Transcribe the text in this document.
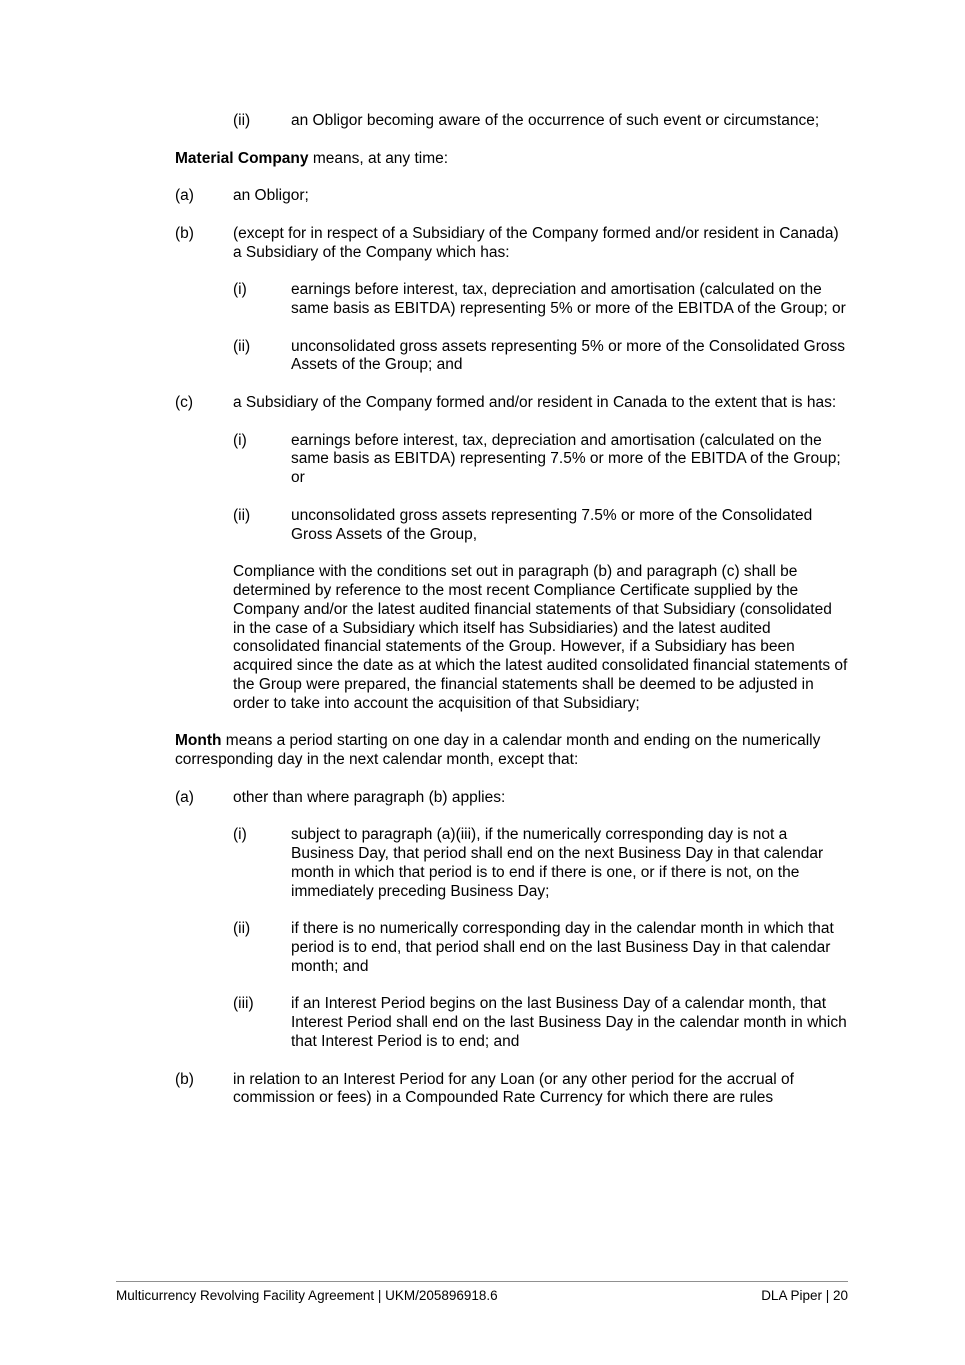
(ii)	an Obligor becoming aware of the occurrence of such event or circumstance;

Material Company means, at any time:

(a)	an Obligor;
(b)	(except for in respect of a Subsidiary of the Company formed and/or resident in Canada) a Subsidiary of the Company which has:
(i)	earnings before interest, tax, depreciation and amortisation (calculated on the same basis as EBITDA) representing 5% or more of the EBITDA of the Group; or
(ii)	unconsolidated gross assets representing 5% or more of the Consolidated Gross Assets of the Group; and
(c)	a Subsidiary of the Company formed and/or resident in Canada to the extent that is has:
(i)	earnings before interest, tax, depreciation and amortisation (calculated on the same basis as EBITDA) representing 7.5% or more of the EBITDA of the Group; or
(ii)	unconsolidated gross assets representing 7.5% or more of the Consolidated Gross Assets of the Group,

Compliance with the conditions set out in paragraph (b) and paragraph (c) shall be determined by reference to the most recent Compliance Certificate supplied by the Company and/or the latest audited financial statements of that Subsidiary (consolidated in the case of a Subsidiary which itself has Subsidiaries) and the latest audited consolidated financial statements of the Group. However, if a Subsidiary has been acquired since the date as at which the latest audited consolidated financial statements of the Group were prepared, the financial statements shall be deemed to be adjusted in order to take into account the acquisition of that Subsidiary;

Month means a period starting on one day in a calendar month and ending on the numerically corresponding day in the next calendar month, except that:

(a)	other than where paragraph (b) applies:
(i)	subject to paragraph (a)(iii), if the numerically corresponding day is not a Business Day, that period shall end on the next Business Day in that calendar month in which that period is to end if there is one, or if there is not, on the immediately preceding Business Day;
(ii)	if there is no numerically corresponding day in the calendar month in which that period is to end, that period shall end on the last Business Day in that calendar month; and
(iii) if an Interest Period begins on the last Business Day of a calendar month, that Interest Period shall end on the last Business Day in the calendar month in which that Interest Period is to end; and
(b)	in relation to an Interest Period for any Loan (or any other period for the accrual of commission or fees) in a Compounded Rate Currency for which there are rules
Multicurrency Revolving Facility Agreement | UKM/205896918.6	DLA Piper | 20
